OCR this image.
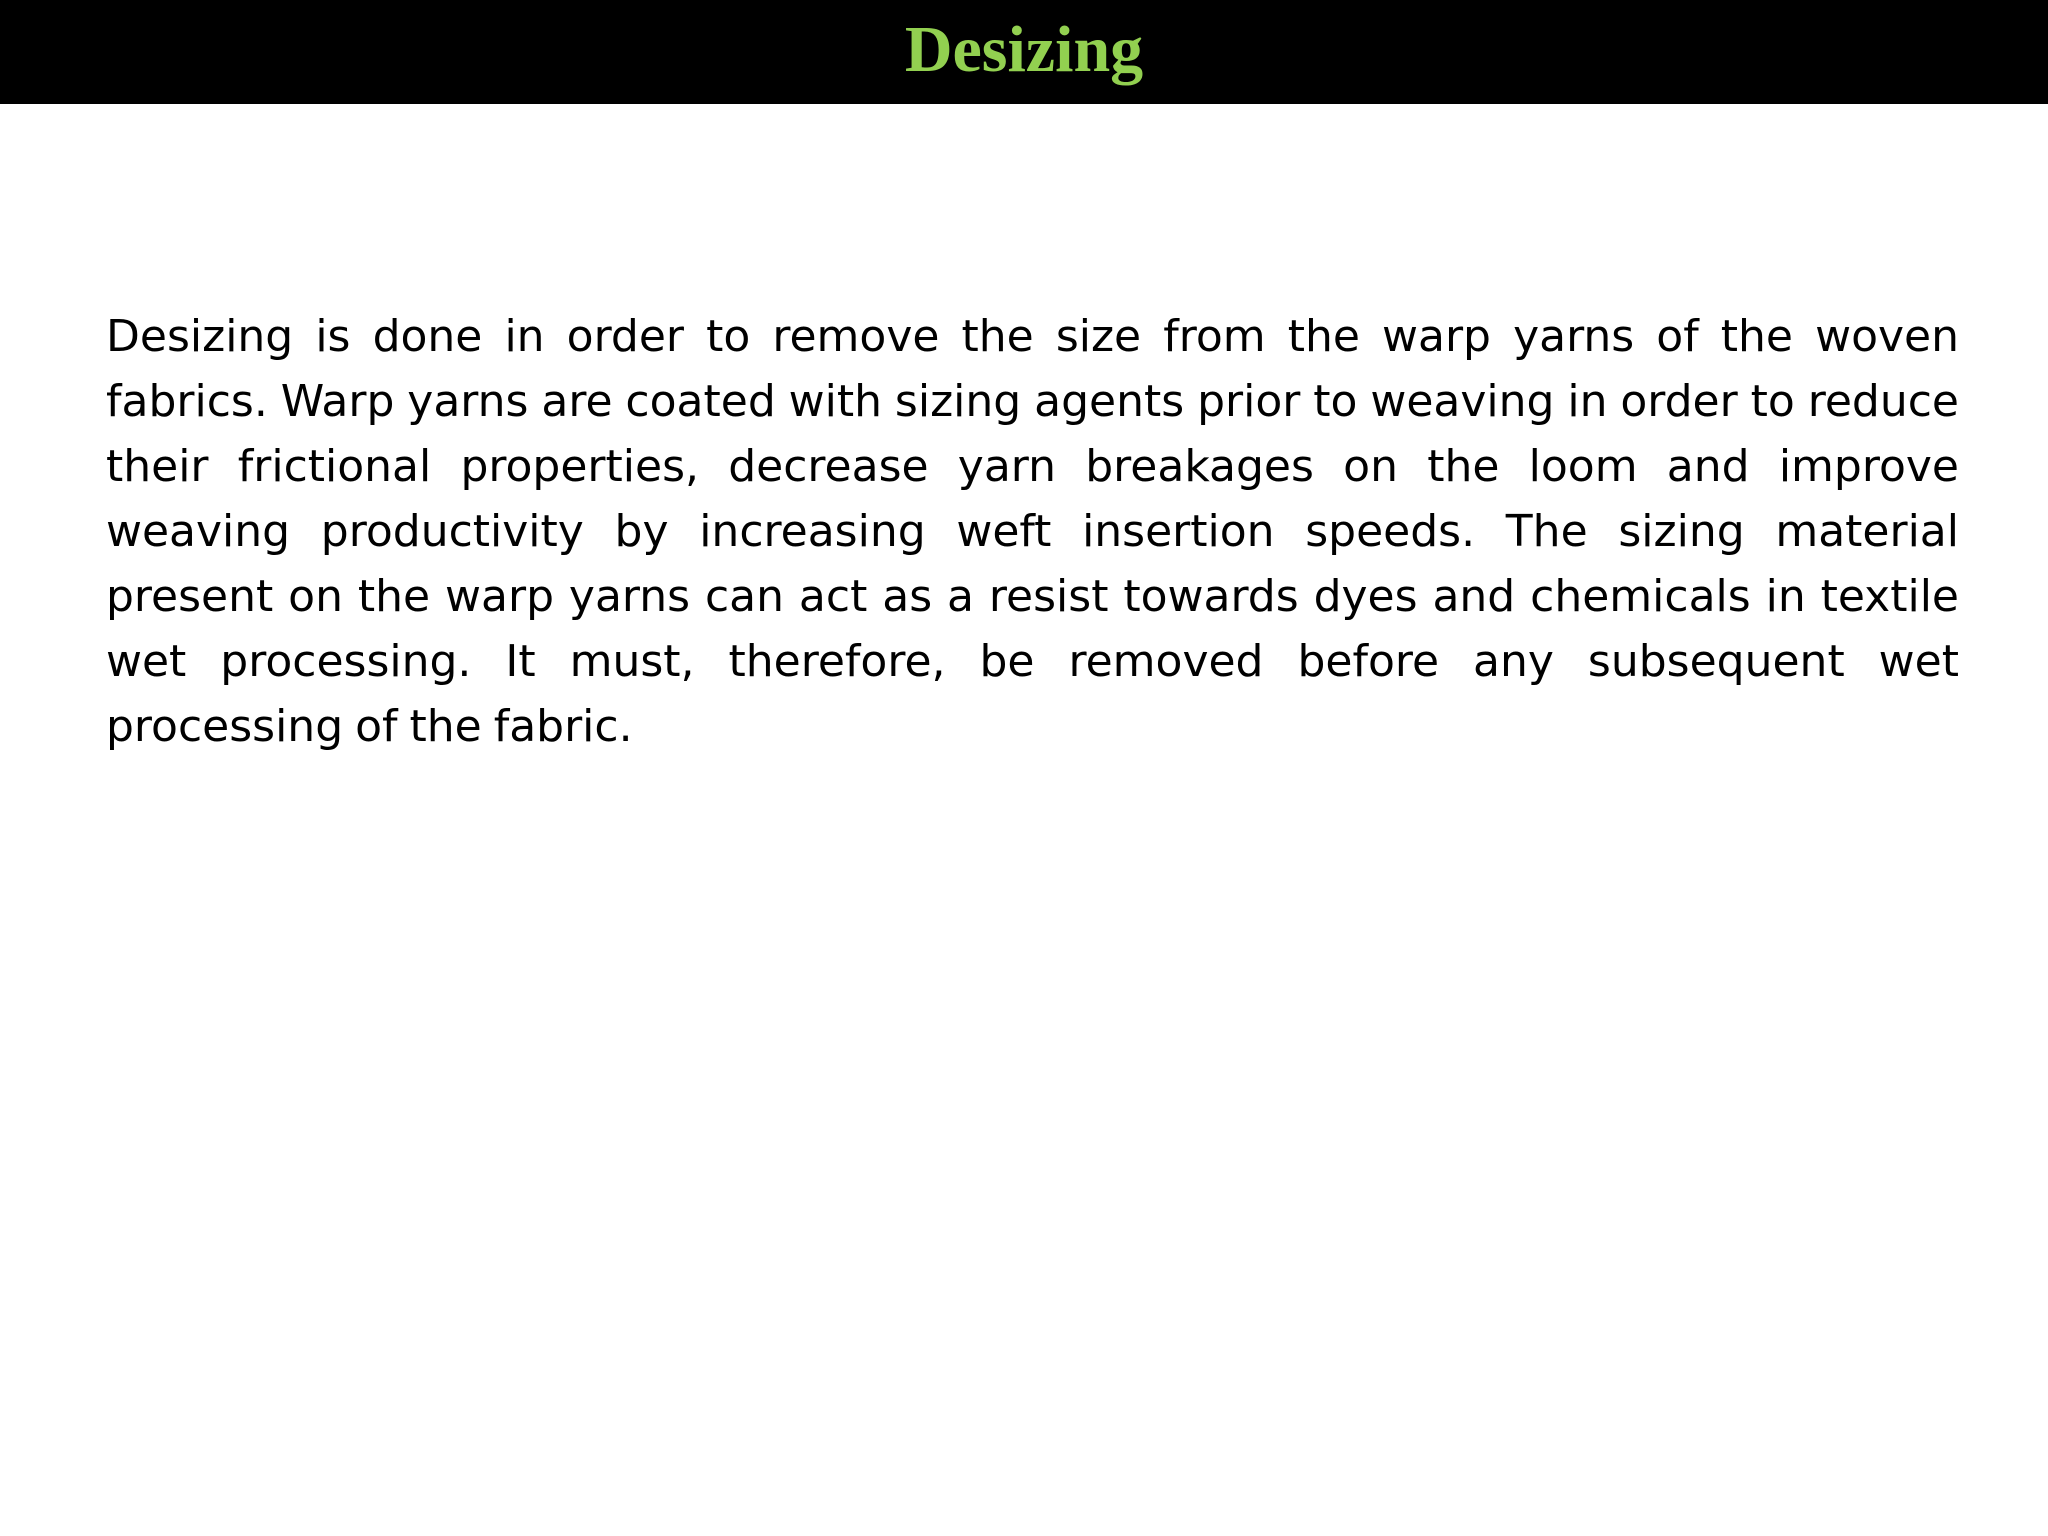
Desizing

Desizing is done in order to remove the size from the warp yarns of the woven fabrics. Warp yarns are coated with sizing agents prior to weaving in order to reduce their frictional properties, decrease yarn breakages on the loom and improve weaving productivity by increasing weft insertion speeds. The sizing material present on the warp yarns can act as a resist towards dyes and chemicals in textile wet processing. It must, therefore, be removed before any subsequent wet processing of the fabric.
